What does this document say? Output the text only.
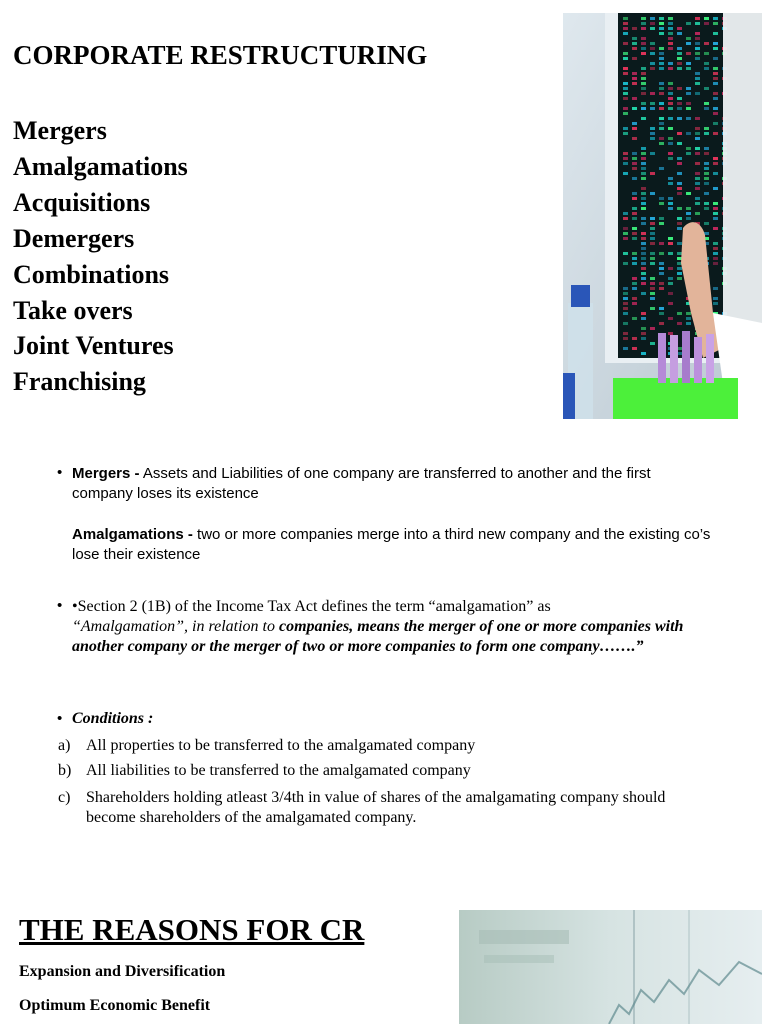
CORPORATE RESTRUCTURING
Mergers
Amalgamations
Acquisitions
Demergers
Combinations
Take overs
Joint Ventures
Franchising
• Mergers - Assets and Liabilities of one company are transferred to another and the first company loses its existence
Amalgamations - two or more companies merge into a third new company and the existing co’s lose their existence
• •Section 2 (1B) of the Income Tax Act defines the term “amalgamation” as
“Amalgamation”, in relation to companies, means the merger of one or more companies with another company or the merger of two or more companies to form one company…….”
• Conditions :
a) All properties to be transferred to the amalgamated company
b) All liabilities to be transferred to the amalgamated company
c) Shareholders holding atleast 3/4th in value of shares of the amalgamating company should become shareholders of the amalgamated company.
THE REASONS FOR CR
Expansion and Diversification
Optimum Economic Benefit
